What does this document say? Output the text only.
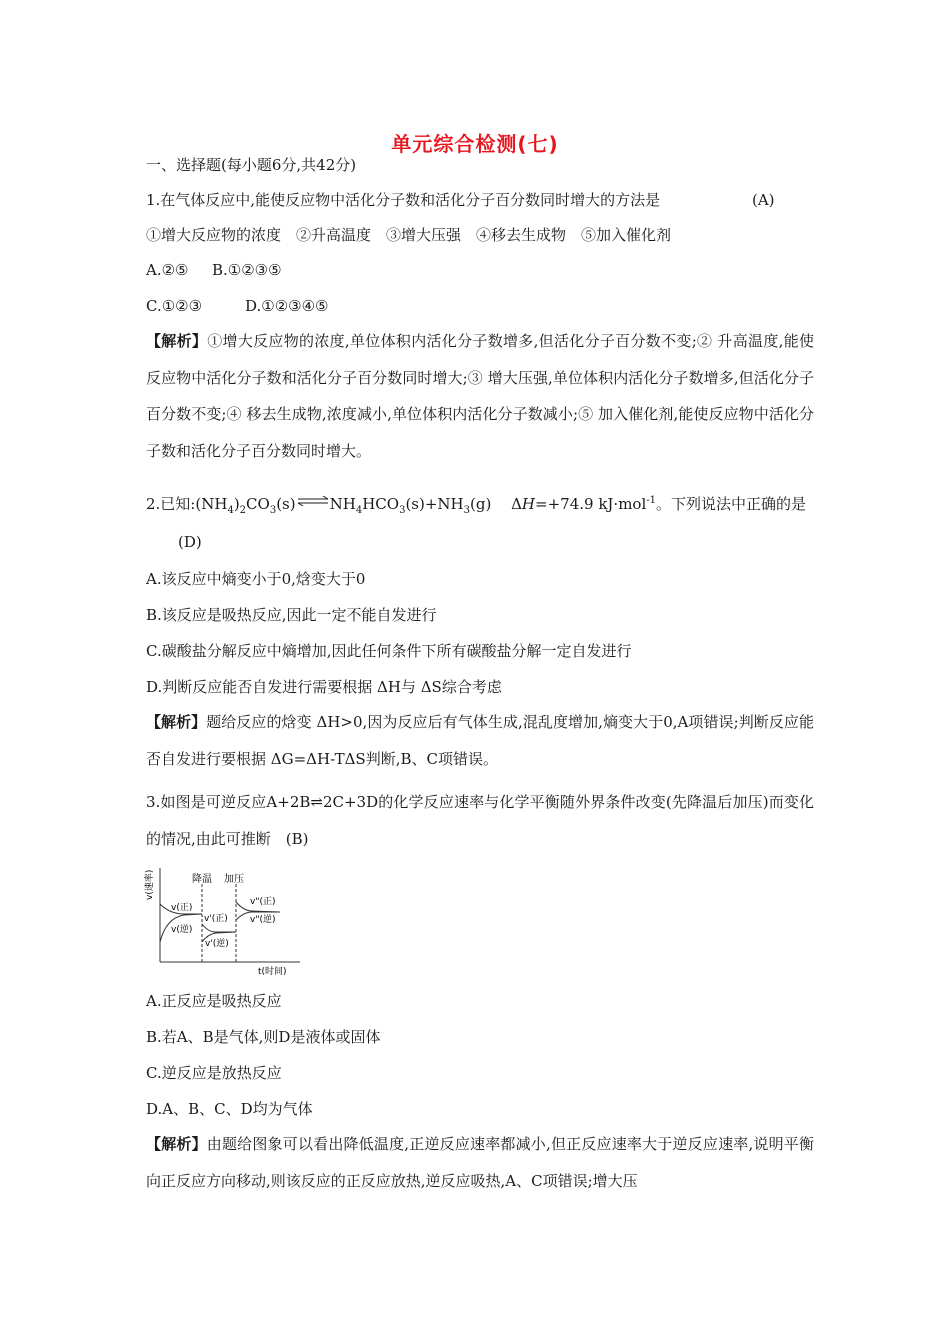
单元综合检测(七)
一、选择题(每小题6分,共42分)
1.在气体反应中,能使反应物中活化分子数和活化分子百分数同时增大的方法是	(A)
①增大反应物的浓度　②升高温度　③增大压强　④移去生成物　⑤加入催化剂
A.②⑤ B.①②③⑤
C.①②③	D.①②③④⑤
【解析】①增大反应物的浓度,单位体积内活化分子数增多,但活化分子百分数不变;② 升高温度,能使反应物中活化分子数和活化分子百分数同时增大;③ 增大压强,单位体积内活化分子数增多,但活化分子百分数不变;④ 移去生成物,浓度减小,单位体积内活化分子数减小;⑤ 加入催化剂,能使反应物中活化分子数和活化分子百分数同时增大。
2.已知$:(NH_4)_2CO_3(s)\rightleftharpoons NH_4HCO_3(s)+NH_3(g)$　 ΔH=+74.9 kJ·mol$^{-1}$。下列说法中正确的是
(D)
A.该反应中熵变小于0,焓变大于0
B.该反应是吸热反应,因此一定不能自发进行
C.碳酸盐分解反应中熵增加,因此任何条件下所有碳酸盐分解一定自发进行
D.判断反应能否自发进行需要根据 ΔH与 ΔS综合考虑
【解析】题给反应的焓变 ΔH>0,因为反应后有气体生成,混乱度增加,熵变大于0,A项错误;判断反应能否自发进行要根据 ΔG=ΔH-TΔS判断,B、C项错误。
3.如图是可逆反应A+2B⇌2C+3D的化学反应速率与化学平衡随外界条件改变(先降温后加压)而变化的情况,由此可推断　(B)
v(速率)
t(时间)
降温 加压
v(正)
v(逆)
v'(正)
v'(逆)
v"(正)
v"(逆)
A.正反应是吸热反应
B.若A、B是气体,则D是液体或固体
C.逆反应是放热反应
D.A、B、C、D均为气体
【解析】由题给图象可以看出降低温度,正逆反应速率都减小,但正反应速率大于逆反应速率,说明平衡向正反应方向移动,则该反应的正反应放热,逆反应吸热,A、C项错误;增大压
